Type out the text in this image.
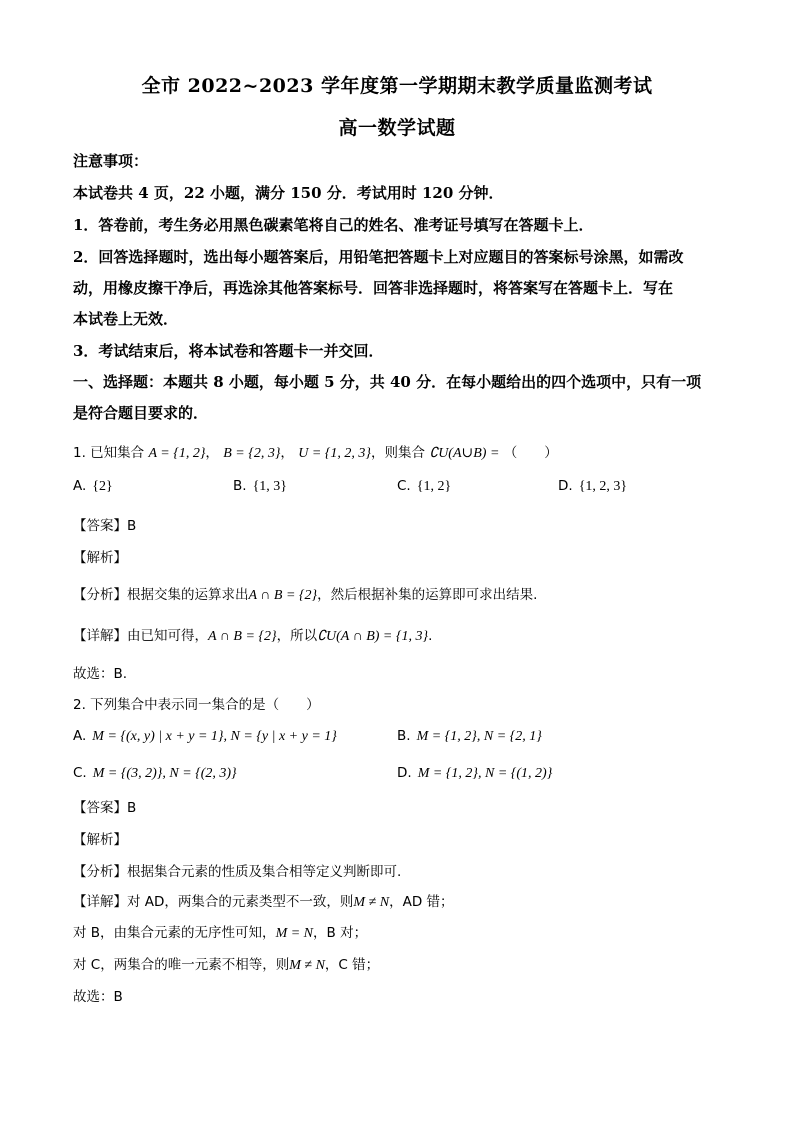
全市 2022~2023 学年度第一学期期末教学质量监测考试
高一数学试题
注意事项：
本试卷共 4 页，22 小题，满分 150 分．考试用时 120 分钟．
1．答卷前，考生务必用黑色碳素笔将自己的姓名、准考证号填写在答题卡上．
2．回答选择题时，选出每小题答案后，用铅笔把答题卡上对应题目的答案标号涂黑，如需改
动，用橡皮擦干净后，再选涂其他答案标号．回答非选择题时，将答案写在答题卡上．写在
本试卷上无效．
3．考试结束后，将本试卷和答题卡一并交回．
一、选择题：本题共 8 小题，每小题 5 分，共 40 分．在每小题给出的四个选项中，只有一项
是符合题目要求的．
1. 已知集合 A = {1, 2}， B = {2, 3}， U = {1, 2, 3}，则集合 ∁U(A∪B) = （　　）
A. {2}	B. {1, 3}	C. {1, 2}	D. {1, 2, 3}
【答案】B
【解析】
【分析】根据交集的运算求出A ∩ B = {2}，然后根据补集的运算即可求出结果.
【详解】由已知可得，A ∩ B = {2}，所以∁U(A ∩ B) = {1, 3}.
故选：B.
2. 下列集合中表示同一集合的是（　　）
A. M = {(x, y) | x + y = 1}, N = {y | x + y = 1}	B. M = {1, 2}, N = {2, 1}
C. M = {(3, 2)}, N = {(2, 3)}	D. M = {1, 2}, N = {(1, 2)}
【答案】B
【解析】
【分析】根据集合元素的性质及集合相等定义判断即可.
【详解】对 AD，两集合的元素类型不一致，则M ≠ N，AD 错；
对 B，由集合元素的无序性可知，M = N，B 对；
对 C，两集合的唯一元素不相等，则M ≠ N，C 错；
故选：B
